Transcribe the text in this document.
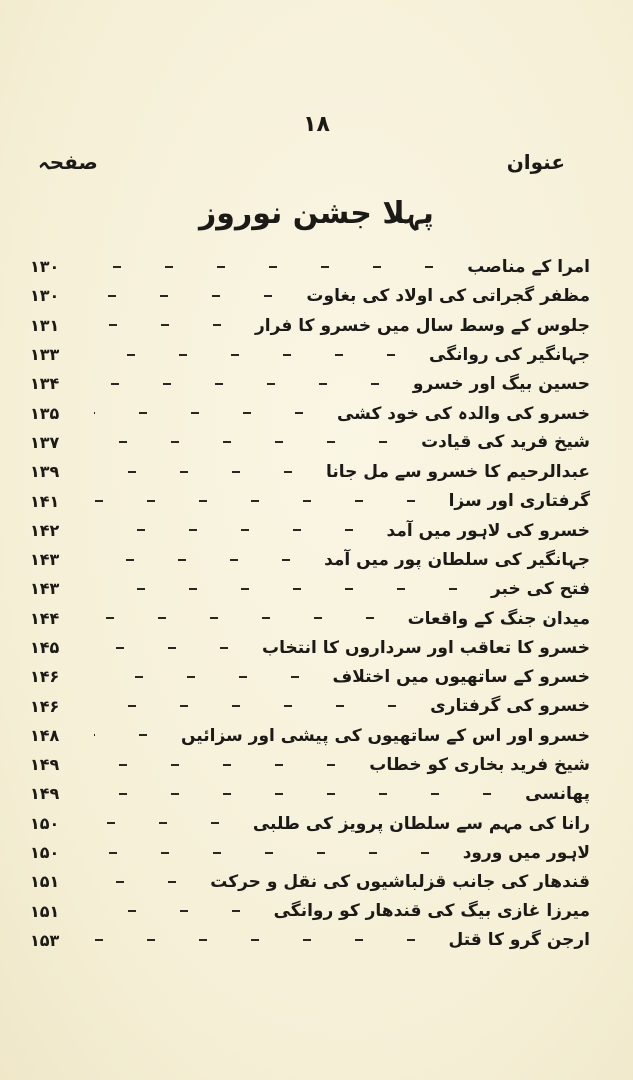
۱۸
عنوان
صفحہ
پہلا جشن نوروز
امرا کے مناصب
۱۳۰
مظفر گجراتی کی اولاد کی بغاوت
۱۳۰
جلوس کے وسط سال میں خسرو کا فرار
۱۳۱
جہانگیر کی روانگی
۱۳۳
حسین بیگ اور خسرو
۱۳۴
خسرو کی والدہ کی خود کشی
۱۳۵
شیخ فرید کی قیادت
۱۳۷
عبدالرحیم کا خسرو سے مل جانا
۱۳۹
گرفتاری اور سزا
۱۴۱
خسرو کی لاہور میں آمد
۱۴۲
جہانگیر کی سلطان پور میں آمد
۱۴۳
فتح کی خبر
۱۴۳
میدان جنگ کے واقعات
۱۴۴
خسرو کا تعاقب اور سرداروں کا انتخاب
۱۴۵
خسرو کے ساتھیوں میں اختلاف
۱۴۶
خسرو کی گرفتاری
۱۴۶
خسرو اور اس کے ساتھیوں کی پیشی اور سزائیں
۱۴۸
شیخ فرید بخاری کو خطاب
۱۴۹
پھانسی
۱۴۹
رانا کی مہم سے سلطان پرویز کی طلبی
۱۵۰
لاہور میں ورود
۱۵۰
قندھار کی جانب قزلباشیوں کی نقل و حرکت
۱۵۱
میرزا غازی بیگ کی قندھار کو روانگی
۱۵۱
ارجن گرو کا قتل
۱۵۳
